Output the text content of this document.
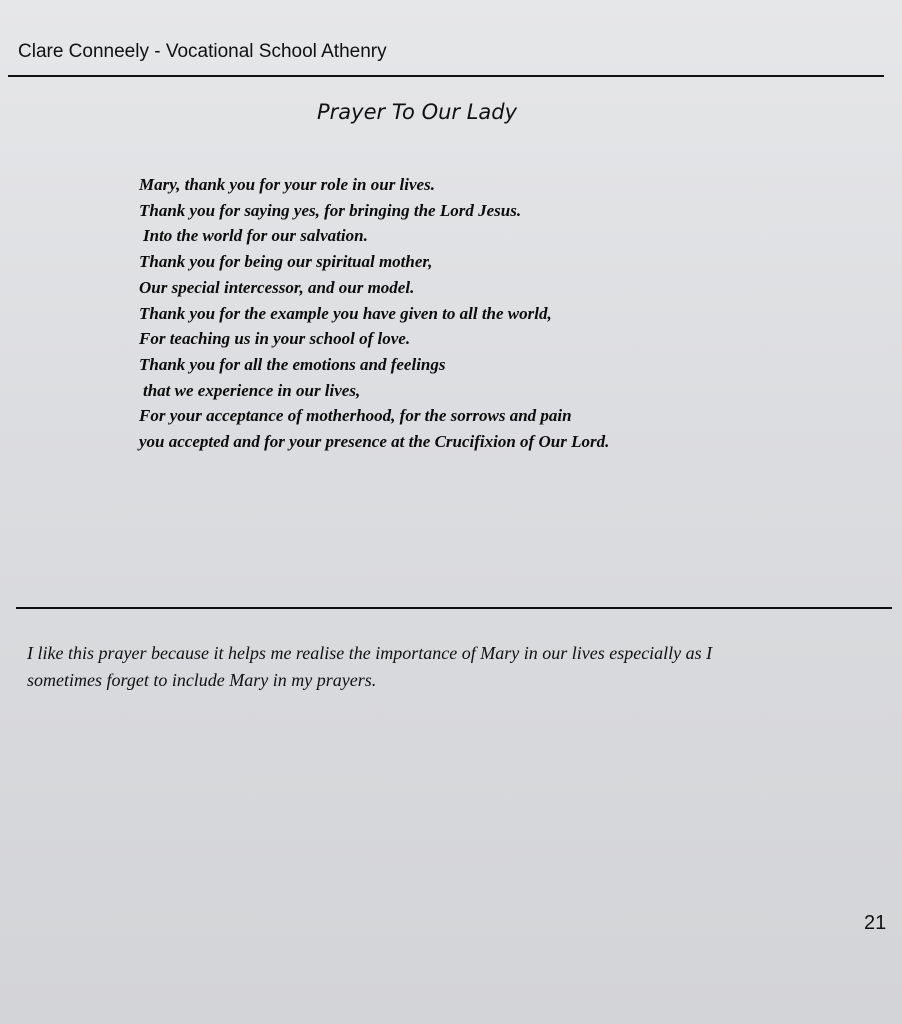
Clare Conneely - Vocational School Athenry
Prayer To Our Lady
Mary, thank you for your role in our lives.
Thank you for saying yes, for bringing the Lord Jesus.
Into the world for our salvation.
Thank you for being our spiritual mother,
Our special intercessor, and our model.
Thank you for the example you have given to all the world,
For teaching us in your school of love.
Thank you for all the emotions and feelings
that we experience in our lives,
For your acceptance of motherhood, for the sorrows and pain
you accepted and for your presence at the Crucifixion of Our Lord.
I like this prayer because it helps me realise the importance of Mary in our lives especially as I
sometimes forget to include Mary in my prayers.
21
